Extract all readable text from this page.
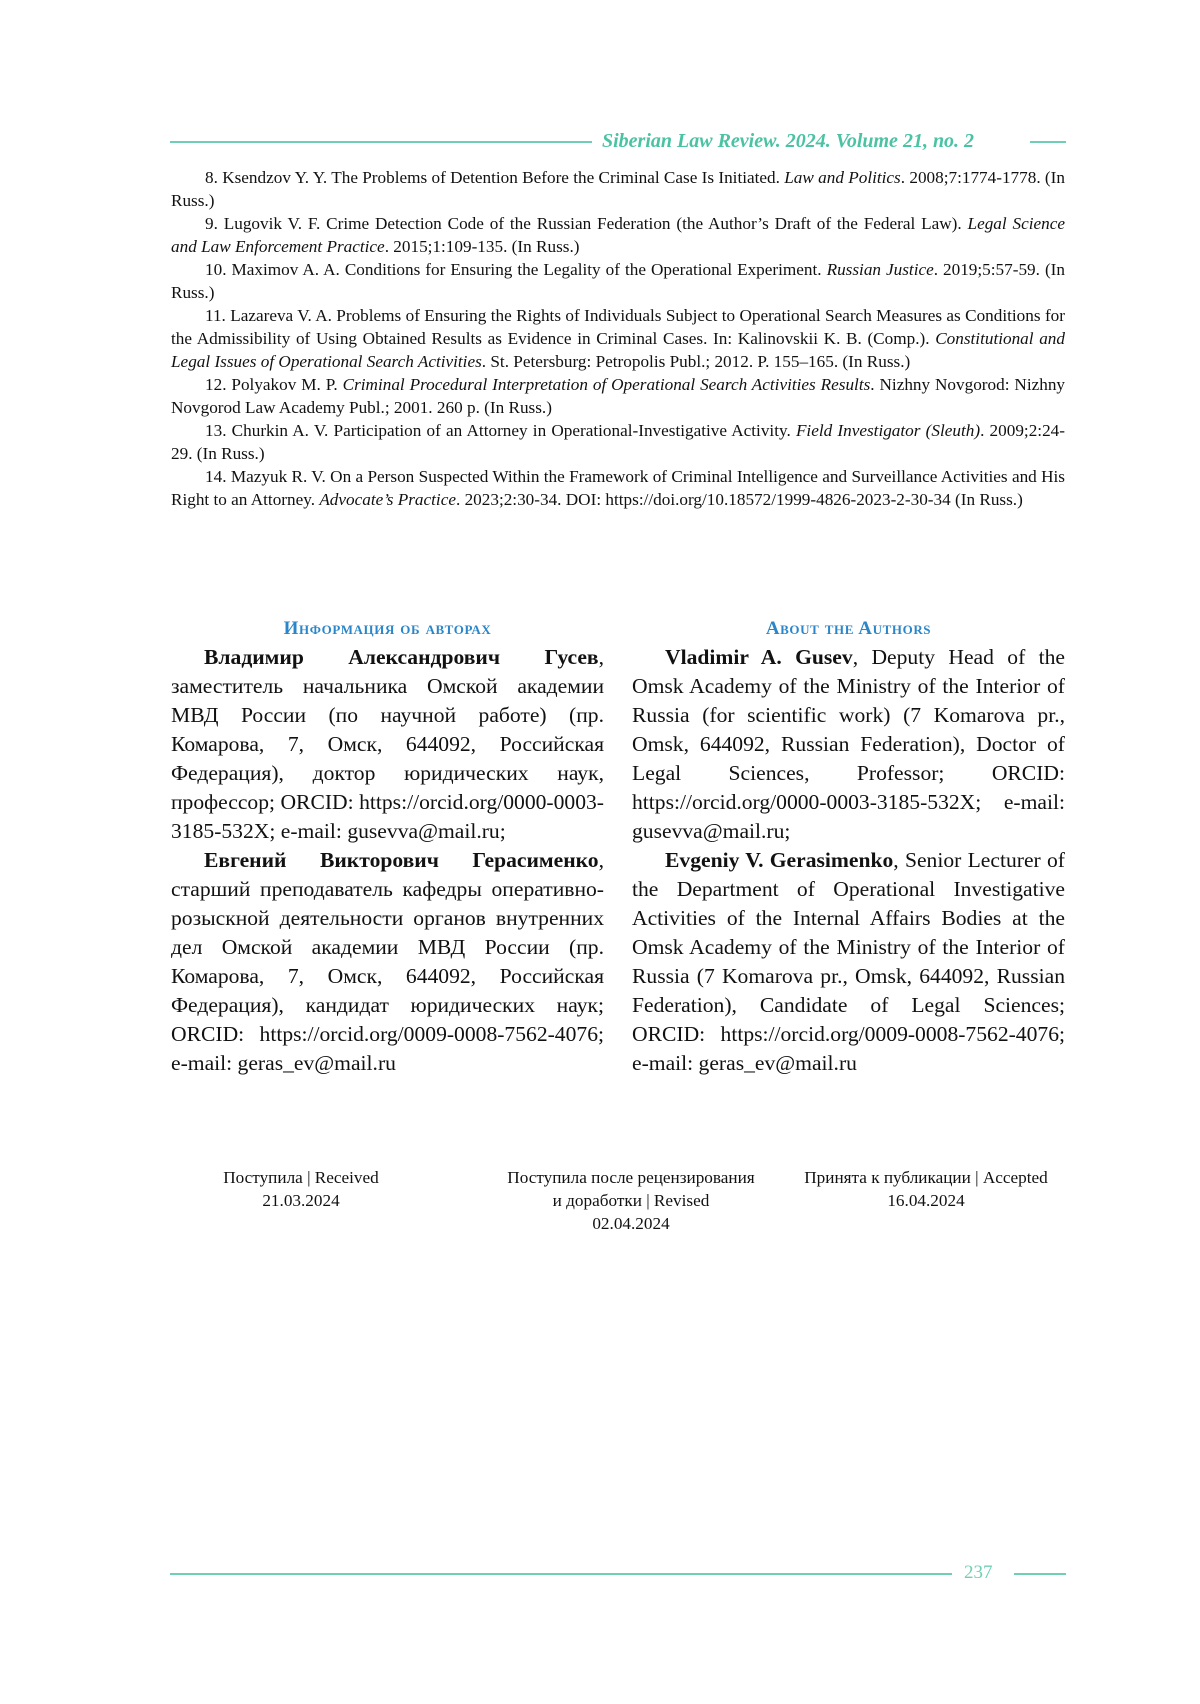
Siberian Law Review. 2024. Volume 21, no. 2

8. Ksendzov Y. Y. The Problems of Detention Before the Criminal Case Is Initiated. Law and Politics. 2008;7:1774-1778. (In Russ.)

9. Lugovik V. F. Crime Detection Code of the Russian Federation (the Author’s Draft of the Federal Law). Legal Science and Law Enforcement Practice. 2015;1:109-135. (In Russ.)

10. Maximov A. A. Conditions for Ensuring the Legality of the Operational Experiment. Russian Justice. 2019;5:57-59. (In Russ.)

11. Lazareva V. A. Problems of Ensuring the Rights of Individuals Subject to Operational Search Measures as Conditions for the Admissibility of Using Obtained Results as Evidence in Criminal Cases. In: Kalinovskii K. B. (Comp.). Constitutional and Legal Issues of Operational Search Activities. St. Petersburg: Petropolis Publ.; 2012. P. 155–165. (In Russ.)

12. Polyakov M. P. Criminal Procedural Interpretation of Operational Search Activities Results. Nizhny Novgorod: Nizhny Novgorod Law Academy Publ.; 2001. 260 p. (In Russ.)

13. Churkin A. V. Participation of an Attorney in Operational-Investigative Activity. Field Investigator (Sleuth). 2009;2:24-29. (In Russ.)

14. Mazyuk R. V. On a Person Suspected Within the Framework of Criminal Intelligence and Surveillance Activities and His Right to an Attorney. Advocate’s Practice. 2023;2:30-34. DOI: https://doi.org/10.18572/1999-4826-2023-2-30-34 (In Russ.)

Информация об авторах

Владимир Александрович Гусев, заместитель начальника Омской академии МВД России (по научной работе) (пр. Комарова, 7, Омск, 644092, Российская Федерация), доктор юридических наук, профессор; ORCID: https://orcid.org/0000-0003-3185-532X; e-mail: gusevva@mail.ru;

Евгений Викторович Герасименко, старший преподаватель кафедры оперативно-розыскной деятельности органов внутренних дел Омской академии МВД России (пр. Комарова, 7, Омск, 644092, Российская Федерация), кандидат юридических наук; ORCID: https://orcid.org/0009-0008-7562-4076; e-mail: geras_ev@mail.ru

About the Authors

Vladimir A. Gusev, Deputy Head of the Omsk Academy of the Ministry of the Interior of Russia (for scientific work) (7 Komarova pr., Omsk, 644092, Russian Federation), Doctor of Legal Sciences, Professor; ORCID: https://orcid.org/0000-0003-3185-532X; e-mail: gusevva@mail.ru;

Evgeniy V. Gerasimenko, Senior Lecturer of the Department of Operational Investigative Activities of the Internal Affairs Bodies at the Omsk Academy of the Ministry of the Interior of Russia (7 Komarova pr., Omsk, 644092, Russian Federation), Candidate of Legal Sciences; ORCID: https://orcid.org/0009-0008-7562-4076; e-mail: geras_ev@mail.ru

Поступила | Received
21.03.2024
Поступила после рецензирования
и доработки | Revised
02.04.2024
Принята к публикации | Accepted
16.04.2024
237
